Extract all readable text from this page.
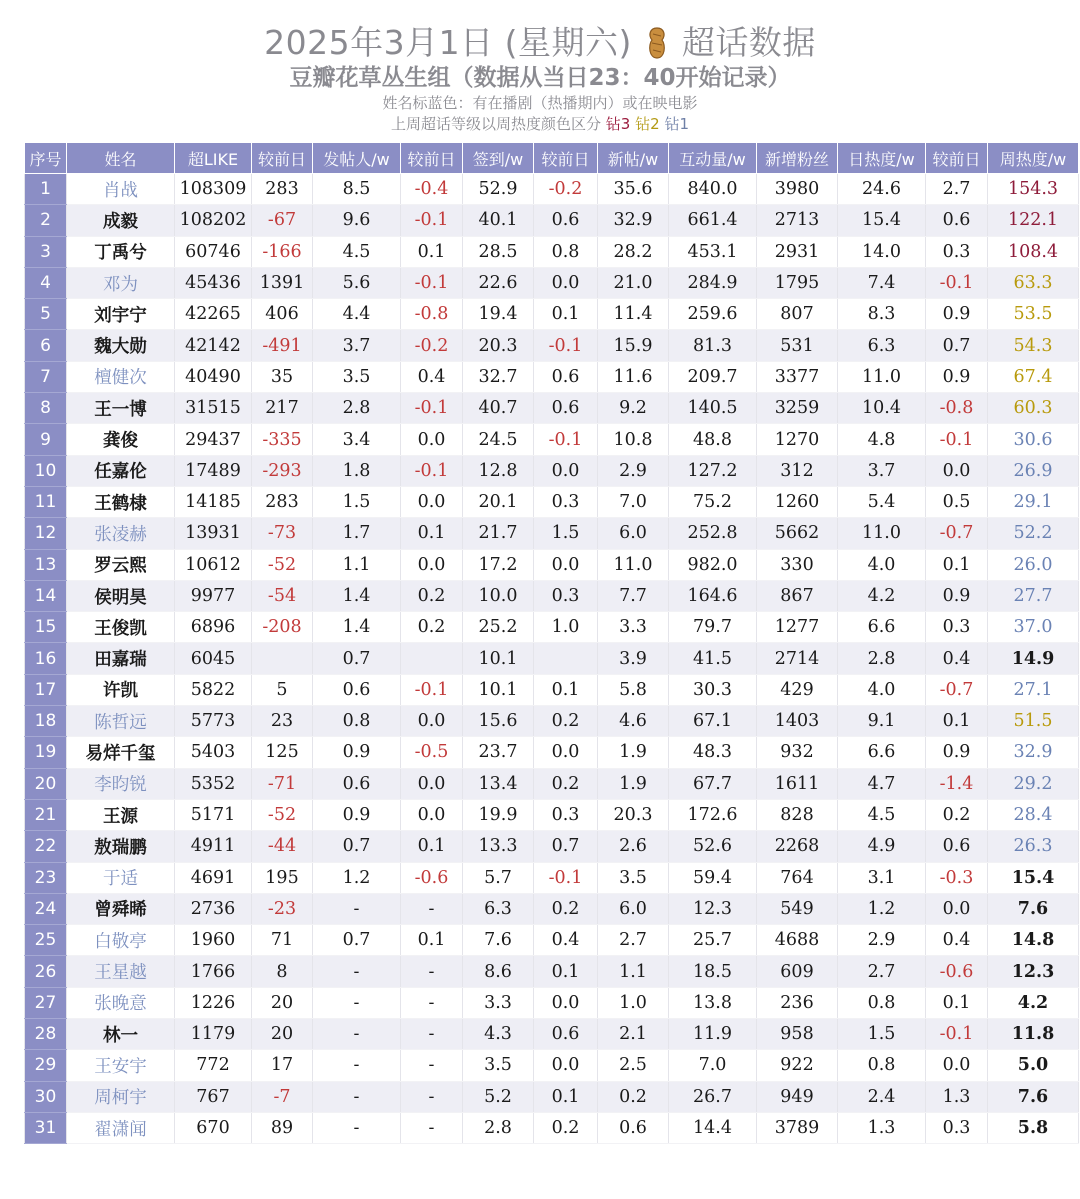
2025年3月1日 (星期六) 超话数据
豆瓣花草丛生组（数据从当日23：40开始记录）
姓名标蓝色：有在播剧（热播期内）或在映电影
上周超话等级以周热度颜色区分 钻3 钻2 钻1
序号	姓名	超LIKE	较前日	发帖人/w	较前日	签到/w	较前日	新帖/w	互动量/w	新增粉丝	日热度/w	较前日	周热度/w
1	肖战	108309	283	8.5	-0.4	52.9	-0.2	35.6	840.0	3980	24.6	2.7	154.3
2	成毅	108202	-67	9.6	-0.1	40.1	0.6	32.9	661.4	2713	15.4	0.6	122.1
3	丁禹兮	60746	-166	4.5	0.1	28.5	0.8	28.2	453.1	2931	14.0	0.3	108.4
4	邓为	45436	1391	5.6	-0.1	22.6	0.0	21.0	284.9	1795	7.4	-0.1	63.3
5	刘宇宁	42265	406	4.4	-0.8	19.4	0.1	11.4	259.6	807	8.3	0.9	53.5
6	魏大勋	42142	-491	3.7	-0.2	20.3	-0.1	15.9	81.3	531	6.3	0.7	54.3
7	檀健次	40490	35	3.5	0.4	32.7	0.6	11.6	209.7	3377	11.0	0.9	67.4
8	王一博	31515	217	2.8	-0.1	40.7	0.6	9.2	140.5	3259	10.4	-0.8	60.3
9	龚俊	29437	-335	3.4	0.0	24.5	-0.1	10.8	48.8	1270	4.8	-0.1	30.6
10	任嘉伦	17489	-293	1.8	-0.1	12.8	0.0	2.9	127.2	312	3.7	0.0	26.9
11	王鹤棣	14185	283	1.5	0.0	20.1	0.3	7.0	75.2	1260	5.4	0.5	29.1
12	张凌赫	13931	-73	1.7	0.1	21.7	1.5	6.0	252.8	5662	11.0	-0.7	52.2
13	罗云熙	10612	-52	1.1	0.0	17.2	0.0	11.0	982.0	330	4.0	0.1	26.0
14	侯明昊	9977	-54	1.4	0.2	10.0	0.3	7.7	164.6	867	4.2	0.9	27.7
15	王俊凯	6896	-208	1.4	0.2	25.2	1.0	3.3	79.7	1277	6.6	0.3	37.0
16	田嘉瑞	6045		0.7		10.1		3.9	41.5	2714	2.8	0.4	14.9
17	许凯	5822	5	0.6	-0.1	10.1	0.1	5.8	30.3	429	4.0	-0.7	27.1
18	陈哲远	5773	23	0.8	0.0	15.6	0.2	4.6	67.1	1403	9.1	0.1	51.5
19	易烊千玺	5403	125	0.9	-0.5	23.7	0.0	1.9	48.3	932	6.6	0.9	32.9
20	李昀锐	5352	-71	0.6	0.0	13.4	0.2	1.9	67.7	1611	4.7	-1.4	29.2
21	王源	5171	-52	0.9	0.0	19.9	0.3	20.3	172.6	828	4.5	0.2	28.4
22	敖瑞鹏	4911	-44	0.7	0.1	13.3	0.7	2.6	52.6	2268	4.9	0.6	26.3
23	于适	4691	195	1.2	-0.6	5.7	-0.1	3.5	59.4	764	3.1	-0.3	15.4
24	曾舜晞	2736	-23	-	-	6.3	0.2	6.0	12.3	549	1.2	0.0	7.6
25	白敬亭	1960	71	0.7	0.1	7.6	0.4	2.7	25.7	4688	2.9	0.4	14.8
26	王星越	1766	8	-	-	8.6	0.1	1.1	18.5	609	2.7	-0.6	12.3
27	张晚意	1226	20	-	-	3.3	0.0	1.0	13.8	236	0.8	0.1	4.2
28	林一	1179	20	-	-	4.3	0.6	2.1	11.9	958	1.5	-0.1	11.8
29	王安宇	772	17	-	-	3.5	0.0	2.5	7.0	922	0.8	0.0	5.0
30	周柯宇	767	-7	-	-	5.2	0.1	0.2	26.7	949	2.4	1.3	7.6
31	翟潇闻	670	89	-	-	2.8	0.2	0.6	14.4	3789	1.3	0.3	5.8
